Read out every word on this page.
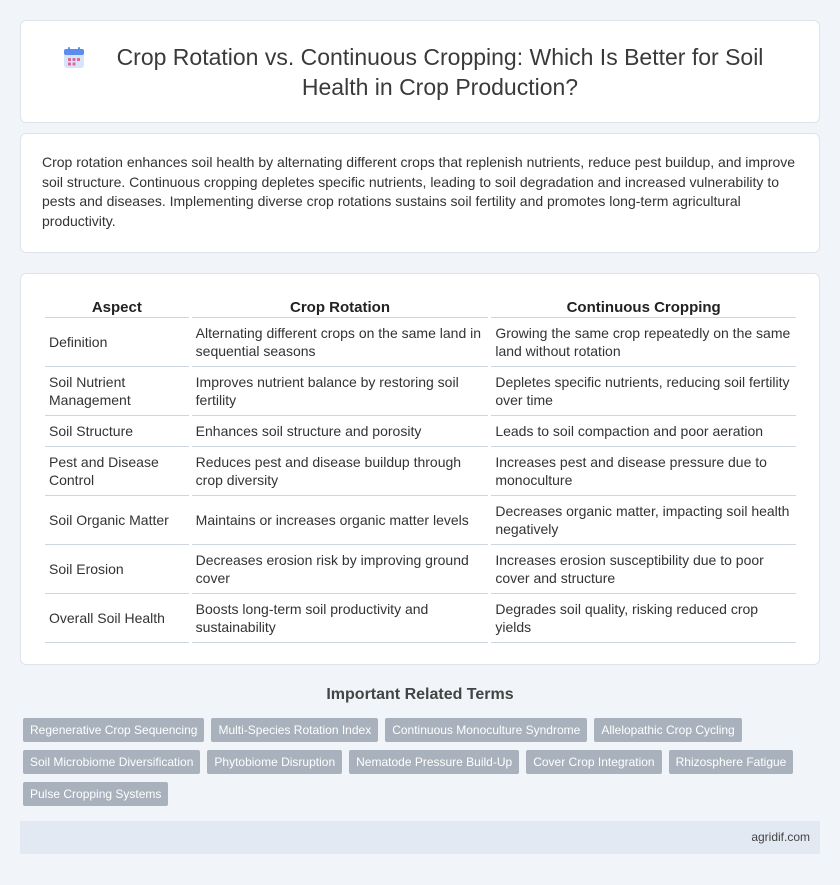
Crop Rotation vs. Continuous Cropping: Which Is Better for Soil Health in Crop Production?

Crop rotation enhances soil health by alternating different crops that replenish nutrients, reduce pest buildup, and improve soil structure. Continuous cropping depletes specific nutrients, leading to soil degradation and increased vulnerability to pests and diseases. Implementing diverse crop rotations sustains soil fertility and promotes long-term agricultural productivity.

Aspect	Crop Rotation	Continuous Cropping
Definition	Alternating different crops on the same land in sequential seasons	Growing the same crop repeatedly on the same land without rotation
Soil Nutrient Management	Improves nutrient balance by restoring soil fertility	Depletes specific nutrients, reducing soil fertility over time
Soil Structure	Enhances soil structure and porosity	Leads to soil compaction and poor aeration
Pest and Disease Control	Reduces pest and disease buildup through crop diversity	Increases pest and disease pressure due to monoculture
Soil Organic Matter	Maintains or increases organic matter levels	Decreases organic matter, impacting soil health negatively
Soil Erosion	Decreases erosion risk by improving ground cover	Increases erosion susceptibility due to poor cover and structure
Overall Soil Health	Boosts long-term soil productivity and sustainability	Degrades soil quality, risking reduced crop yields
Important Related Terms
Regenerative Crop Sequencing	Multi-Species Rotation Index	Continuous Monoculture Syndrome	Allelopathic Crop Cycling
Soil Microbiome Diversification	Phytobiome Disruption	Nematode Pressure Build-Up	Cover Crop Integration	Rhizosphere Fatigue
Pulse Cropping Systems
agridif.com
